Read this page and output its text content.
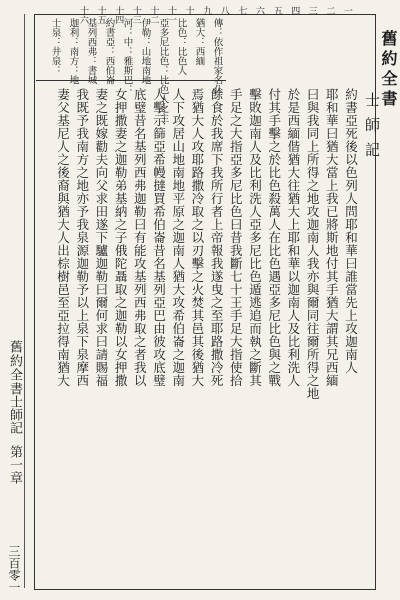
舊約全書
士師記
舊約全書
士師記
第一章
三百零一
傳：依作祖家名仆
猶大：西緬
比色：比色人
亞多尼比色：比色人之主
伊勒：山地南地
河：中：雅斯巴：
約書亞：西伯崙
基列西弗：書城
迦利：南方：地
士泉：井泉：
一
二
三
四
五
六
七
八
九
十
十一
十二
十三
十四
十五
十六
約書亞死後以色列人問耶和華曰誰當先上攻迦南人
耶和華曰猶大當上我已將斯地付其手猶大謂其兄西緬
曰與我同上所得之地攻迦南人我亦與爾同往爾所得之地
於是西緬偕猶大往猶大上耶和華以迦南人及比利洗人
付其手擊之於比色殺萬人在比色遇亞多尼比色與之戰
擊敗迦南人及比利洗人亞多尼比色遁逃追而執之斷其
手足之大指亞多尼比色曰昔我斷七十王手足大指使拾
餘食於我席下我所行者上帝報我遂曳之至耶路撒冷死
焉猶大人攻耶路撒冷取之以刃擊之火焚其邑其後猶大
人下攻居山地南地平原之迦南人猶大攻希伯崙之迦南
人擊示篩亞希幔撻買希伯崙昔名基列亞巴由彼攻底璧
底璧昔名基列西弗迦勒曰有能攻基列西弗取之者我以
女押撒妻之迦勒弟基納之子俄陀聶取之迦勒以女押撒
妻之既嫁勸夫向父求田遂下驢迦勒曰爾何求曰請賜福
我既予我南方之地亦予我泉源迦勒予以上泉下泉摩西
妻父基尼人之後裔與猶大人出棕樹邑至亞拉得南猶大
